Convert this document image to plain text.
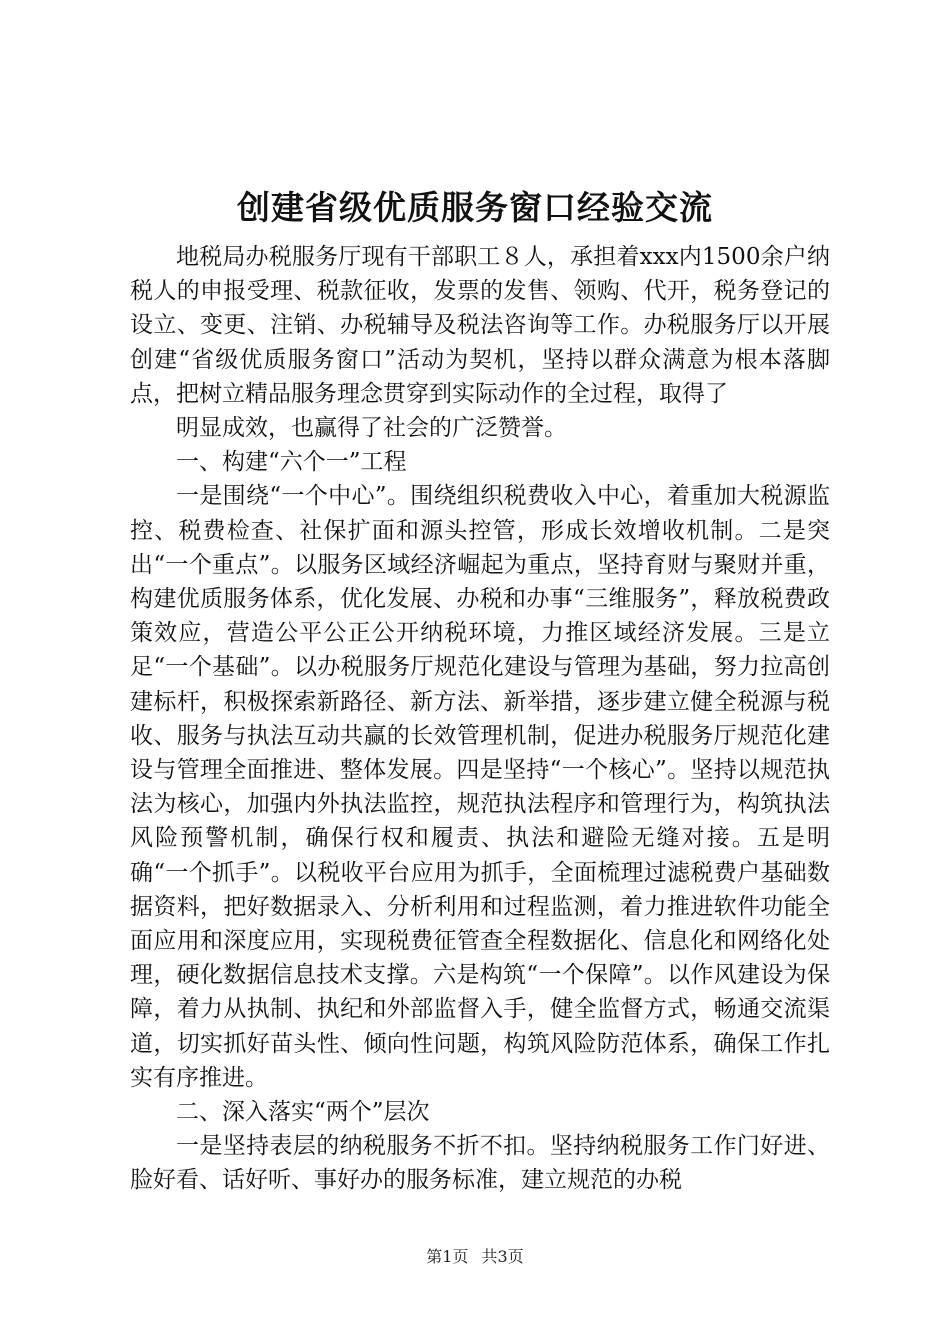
创建省级优质服务窗口经验交流

地税局办税服务厅现有干部职工８人，承担着xxx内1500余户纳税人的申报受理、税款征收，发票的发售、领购、代开，税务登记的设立、变更、注销、办税辅导及税法咨询等工作。办税服务厅以开展创建“省级优质服务窗口”活动为契机，坚持以群众满意为根本落脚点，把树立精品服务理念贯穿到实际动作的全过程，取得了

明显成效，也赢得了社会的广泛赞誉。

一、构建“六个一”工程

一是围绕“一个中心”。围绕组织税费收入中心，着重加大税源监控、税费检查、社保扩面和源头控管，形成长效增收机制。二是突出“一个重点”。以服务区域经济崛起为重点，坚持育财与聚财并重，构建优质服务体系，优化发展、办税和办事“三维服务”，释放税费政策效应，营造公平公正公开纳税环境，力推区域经济发展。三是立足“一个基础”。以办税服务厅规范化建设与管理为基础，努力拉高创建标杆，积极探索新路径、新方法、新举措，逐步建立健全税源与税收、服务与执法互动共赢的长效管理机制，促进办税服务厅规范化建设与管理全面推进、整体发展。四是坚持“一个核心”。坚持以规范执法为核心，加强内外执法监控，规范执法程序和管理行为，构筑执法风险预警机制，确保行权和履责、执法和避险无缝对接。五是明确“一个抓手”。以税收平台应用为抓手，全面梳理过滤税费户基础数据资料，把好数据录入、分析利用和过程监测，着力推进软件功能全面应用和深度应用，实现税费征管查全程数据化、信息化和网络化处理，硬化数据信息技术支撑。六是构筑“一个保障”。以作风建设为保障，着力从执制、执纪和外部监督入手，健全监督方式，畅通交流渠道，切实抓好苗头性、倾向性问题，构筑风险防范体系，确保工作扎实有序推进。

二、深入落实“两个”层次

一是坚持表层的纳税服务不折不扣。坚持纳税服务工作门好进、脸好看、话好听、事好办的服务标准，建立规范的办税

第1页 共3页
